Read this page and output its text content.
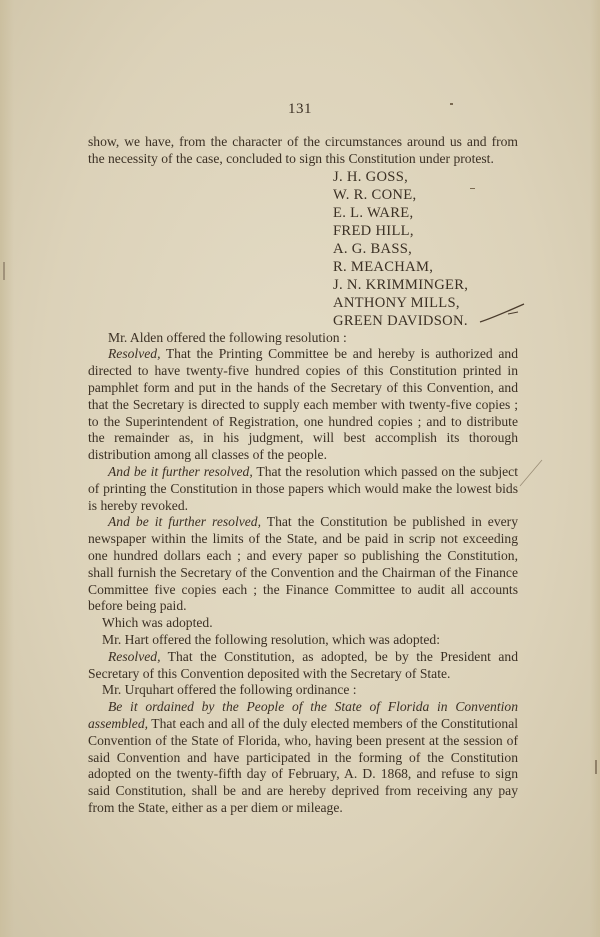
131

show, we have, from the character of the circumstances around us and from the necessity of the case, concluded to sign this Constitution under protest.

J. H. GOSS,
W. R. CONE,
E. L. WARE,
FRED HILL,
A. G. BASS,
R. MEACHAM,
J. N. KRIMMINGER,
ANTHONY MILLS,
GREEN DAVIDSON.

Mr. Alden offered the following resolution :

Resolved, That the Printing Committee be and hereby is authorized and directed to have twenty-five hundred copies of this Constitution printed in pamphlet form and put in the hands of the Secretary of this Convention, and that the Secretary is directed to supply each member with twenty-five copies ; to the Superintendent of Registration, one hundred copies ; and to distribute the remainder as, in his judgment, will best accomplish its thorough distribution among all classes of the people.

And be it further resolved, That the resolution which passed on the subject of printing the Constitution in those papers which would make the lowest bids is hereby revoked.

And be it further resolved, That the Constitution be published in every newspaper within the limits of the State, and be paid in scrip not exceeding one hundred dollars each ; and every paper so publishing the Constitution, shall furnish the Secretary of the Convention and the Chairman of the Finance Committee five copies each ; the Finance Committee to audit all accounts before being paid.

Which was adopted.

Mr. Hart offered the following resolution, which was adopted:

Resolved, That the Constitution, as adopted, be by the President and Secretary of this Convention deposited with the Secretary of State.

Mr. Urquhart offered the following ordinance :

Be it ordained by the People of the State of Florida in Convention assembled, That each and all of the duly elected members of the Constitutional Convention of the State of Florida, who, having been present at the session of said Convention and have participated in the forming of the Constitution adopted on the twenty-fifth day of February, A. D. 1868, and refuse to sign said Constitution, shall be and are hereby deprived from receiving any pay from the State, either as a per diem or mileage.
